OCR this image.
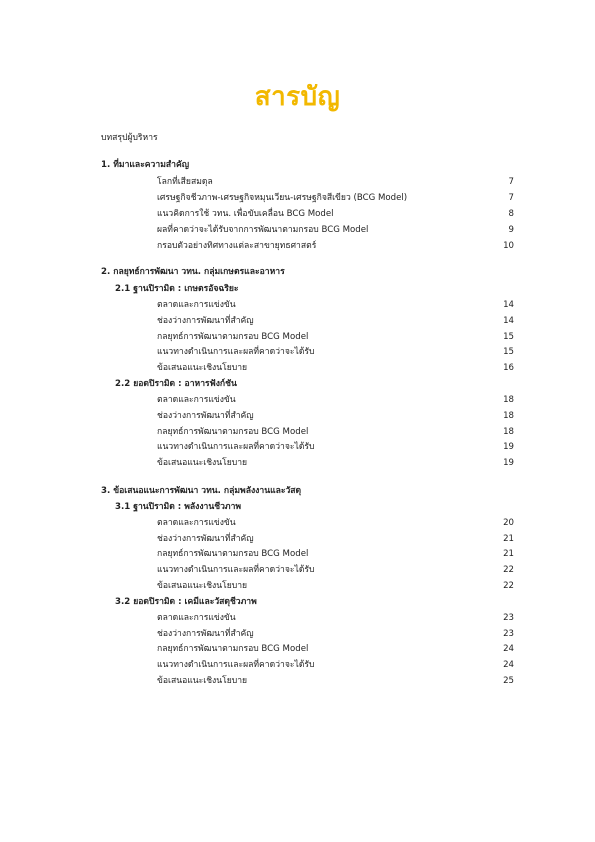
สารบัญ
บทสรุปผู้บริหาร
1. ที่มาและความสำคัญ
โลกที่เสียสมดุล	7
เศรษฐกิจชีวภาพ-เศรษฐกิจหมุนเวียน-เศรษฐกิจสีเขียว (BCG Model)	7
แนวคิดการใช้ วทน. เพื่อขับเคลื่อน BCG Model	8
ผลที่คาดว่าจะได้รับจากการพัฒนาตามกรอบ BCG Model	9
กรอบตัวอย่างทิศทางแต่ละสาขายุทธศาสตร์	10
2. กลยุทธ์การพัฒนา วทน. กลุ่มเกษตรและอาหาร
2.1 ฐานปิรามิด : เกษตรอัจฉริยะ
ตลาดและการแข่งขัน	14
ช่องว่างการพัฒนาที่สำคัญ	14
กลยุทธ์การพัฒนาตามกรอบ BCG Model	15
แนวทางดำเนินการและผลที่คาดว่าจะได้รับ	15
ข้อเสนอแนะเชิงนโยบาย	16
2.2 ยอดปิรามิด : อาหารฟังก์ชัน
ตลาดและการแข่งขัน	18
ช่องว่างการพัฒนาที่สำคัญ	18
กลยุทธ์การพัฒนาตามกรอบ BCG Model	18
แนวทางดำเนินการและผลที่คาดว่าจะได้รับ	19
ข้อเสนอแนะเชิงนโยบาย	19
3. ข้อเสนอแนะการพัฒนา วทน. กลุ่มพลังงานและวัสดุ
3.1 ฐานปิรามิด : พลังงานชีวภาพ
ตลาดและการแข่งขัน	20
ช่องว่างการพัฒนาที่สำคัญ	21
กลยุทธ์การพัฒนาตามกรอบ BCG Model	21
แนวทางดำเนินการและผลที่คาดว่าจะได้รับ	22
ข้อเสนอแนะเชิงนโยบาย	22
3.2 ยอดปิรามิด : เคมีและวัสดุชีวภาพ
ตลาดและการแข่งขัน	23
ช่องว่างการพัฒนาที่สำคัญ	23
กลยุทธ์การพัฒนาตามกรอบ BCG Model	24
แนวทางดำเนินการและผลที่คาดว่าจะได้รับ	24
ข้อเสนอแนะเชิงนโยบาย	25
